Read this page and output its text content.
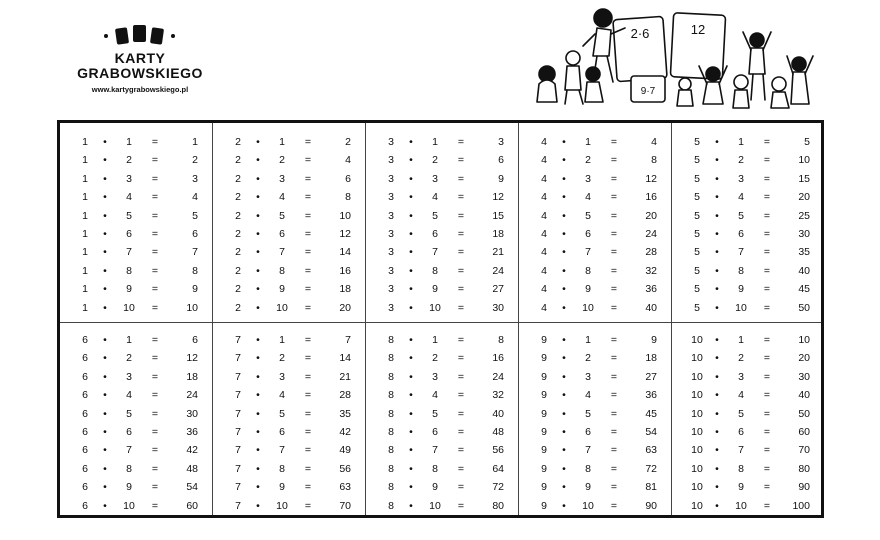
KARTY
GRABOWSKIEGO
www.kartygrabowskiego.pl
2·6	12
9·7
1	•	1	=	1
1	•	2	=	2
1	•	3	=	3
1	•	4	=	4
1	•	5	=	5
1	•	6	=	6
1	•	7	=	7
1	•	8	=	8
1	•	9	=	9
1	•	10	=	10
2	•	1	=	2
2	•	2	=	4
2	•	3	=	6
2	•	4	=	8
2	•	5	=	10
2	•	6	=	12
2	•	7	=	14
2	•	8	=	16
2	•	9	=	18
2	•	10	=	20
3	•	1	=	3
3	•	2	=	6
3	•	3	=	9
3	•	4	=	12
3	•	5	=	15
3	•	6	=	18
3	•	7	=	21
3	•	8	=	24
3	•	9	=	27
3	•	10	=	30
4	•	1	=	4
4	•	2	=	8
4	•	3	=	12
4	•	4	=	16
4	•	5	=	20
4	•	6	=	24
4	•	7	=	28
4	•	8	=	32
4	•	9	=	36
4	•	10	=	40
5	•	1	=	5
5	•	2	=	10
5	•	3	=	15
5	•	4	=	20
5	•	5	=	25
5	•	6	=	30
5	•	7	=	35
5	•	8	=	40
5	•	9	=	45
5	•	10	=	50
6	•	1	=	6
6	•	2	=	12
6	•	3	=	18
6	•	4	=	24
6	•	5	=	30
6	•	6	=	36
6	•	7	=	42
6	•	8	=	48
6	•	9	=	54
6	•	10	=	60
7	•	1	=	7
7	•	2	=	14
7	•	3	=	21
7	•	4	=	28
7	•	5	=	35
7	•	6	=	42
7	•	7	=	49
7	•	8	=	56
7	•	9	=	63
7	•	10	=	70
8	•	1	=	8
8	•	2	=	16
8	•	3	=	24
8	•	4	=	32
8	•	5	=	40
8	•	6	=	48
8	•	7	=	56
8	•	8	=	64
8	•	9	=	72
8	•	10	=	80
9	•	1	=	9
9	•	2	=	18
9	•	3	=	27
9	•	4	=	36
9	•	5	=	45
9	•	6	=	54
9	•	7	=	63
9	•	8	=	72
9	•	9	=	81
9	•	10	=	90
10	•	1	=	10
10	•	2	=	20
10	•	3	=	30
10	•	4	=	40
10	•	5	=	50
10	•	6	=	60
10	•	7	=	70
10	•	8	=	80
10	•	9	=	90
10	•	10	=	100
